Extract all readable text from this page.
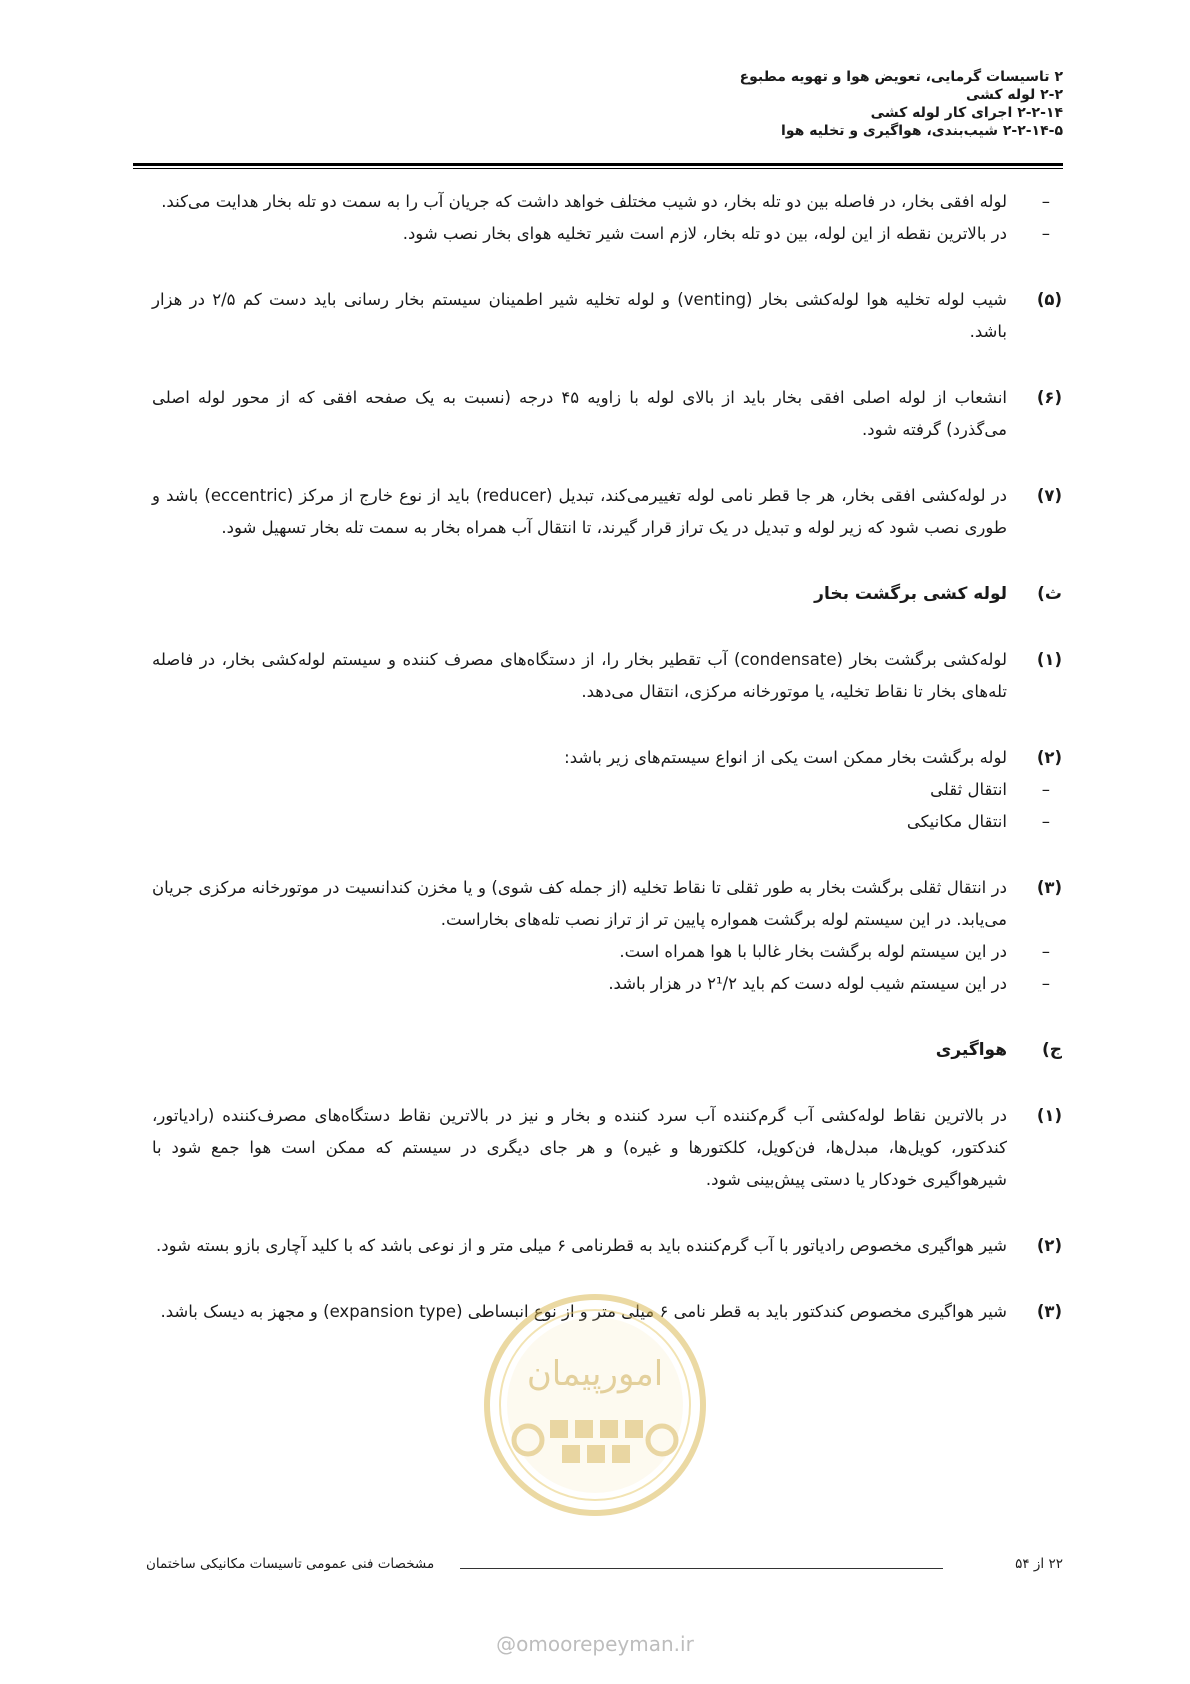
۲ تاسیسات گرمایی، تعویض هوا و تهویه مطبوع
۲-۲ لوله کشی
۲-۲-۱۴ اجرای کار لوله کشی
۲-۲-۱۴-۵ شیب‌بندی، هواگیری و تخلیه هوا
–
لوله افقی بخار، در فاصله بین دو تله بخار، دو شیب مختلف خواهد داشت که جریان آب را به سمت دو تله بخار هدایت می‌کند.
–
در بالاترین نقطه از این لوله، بین دو تله بخار، لازم است شیر تخلیه هوای بخار نصب شود.
(۵)
شیب لوله تخلیه هوا لوله‌کشی بخار (venting) و لوله تخلیه شیر اطمینان سیستم بخار رسانی باید دست کم ۲/۵ در هزار باشد.
(۶)
انشعاب از لوله اصلی افقی بخار باید از بالای لوله با زاویه ۴۵ درجه (نسبت به یک صفحه افقی که از محور لوله اصلی می‌گذرد) گرفته شود.
(۷)
در لوله‌کشی افقی بخار، هر جا قطر نامی لوله تغییرمی‌کند، تبدیل (reducer) باید از نوع خارج از مرکز (eccentric) باشد و طوری نصب شود که زیر لوله و تبدیل در یک تراز قرار گیرند، تا انتقال آب همراه بخار به سمت تله بخار تسهیل شود.
ث)
لوله کشی برگشت بخار
(۱)
لوله‌کشی برگشت بخار (condensate) آب تقطیر بخار را، از دستگاه‌های مصرف کننده و سیستم لوله‌کشی بخار، در فاصله تله‌های بخار تا نقاط تخلیه، یا موتورخانه مرکزی، انتقال می‌دهد.
(۲)
لوله برگشت بخار ممکن است یکی از انواع سیستم‌های زیر باشد:
–
انتقال ثقلی
–
انتقال مکانیکی
(۳)
در انتقال ثقلی برگشت بخار به طور ثقلی تا نقاط تخلیه (از جمله کف شوی) و یا مخزن کندانسیت در موتورخانه مرکزی جریان می‌یابد. در این سیستم لوله برگشت همواره پایین تر از تراز نصب تله‌های بخاراست.
–
در این سیستم لوله برگشت بخار غالبا با هوا همراه است.
–
در این سیستم شیب لوله دست کم باید ۲¹/۲ در هزار باشد.
ج)
هواگیری
(۱)
در بالاترین نقاط لوله‌کشی آب گرم‌کننده آب سرد کننده و بخار و نیز در بالاترین نقاط دستگاه‌های مصرف‌کننده (رادیاتور، کندکتور، کویل‌ها، مبدل‌ها، فن‌کویل، کلکتورها و غیره) و هر جای دیگری در سیستم که ممکن است هوا جمع شود با شیرهواگیری خودکار یا دستی پیش‌بینی شود.
(۲)
شیر هواگیری مخصوص رادیاتور با آب گرم‌کننده باید به قطرنامی ۶ میلی متر و از نوعی باشد که با کلید آچاری بازو بسته شود.
(۳)
شیر هواگیری مخصوص کندکتور باید به قطر نامی ۶ میلی متر و از نوع انبساطی (expansion type) و مجهز به دیسک باشد.
امورپیمان
۲۲ از ۵۴
مشخصات فنی عمومی تاسیسات مکانیکی ساختمان
@omoorepeyman.ir
